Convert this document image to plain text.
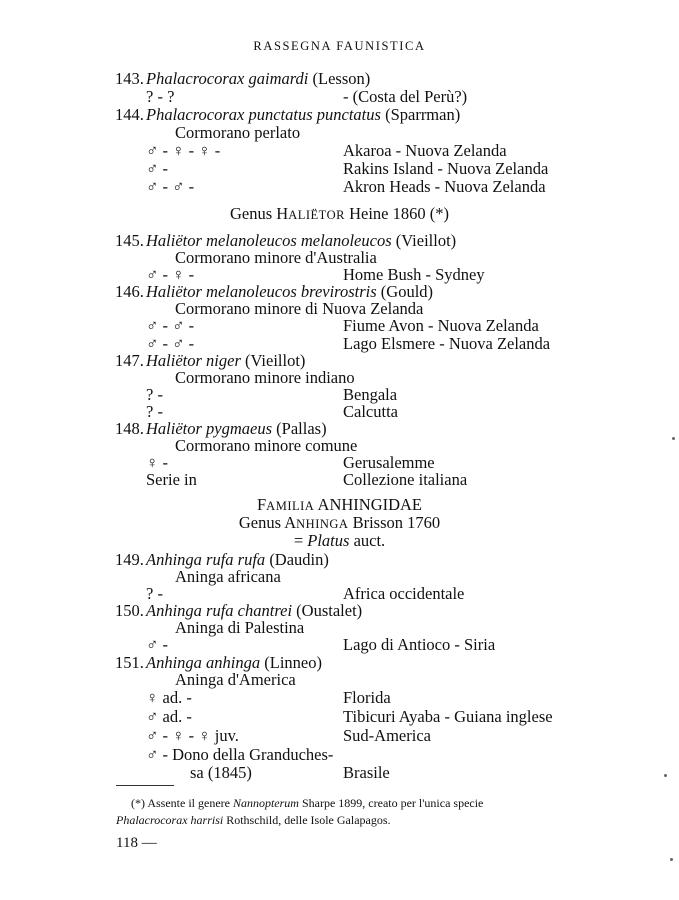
RASSEGNA FAUNISTICA
143. Phalacrocorax gaimardi (Lesson)
? - ?	- (Costa del Perù?)
144. Phalacrocorax punctatus punctatus (Sparrman)
Cormorano perlato
♂ - ♀ - ♀ -	Akaroa - Nuova Zelanda
♂ -	Rakins Island - Nuova Zelanda
♂ - ♂ -	Akron Heads - Nuova Zelanda
Genus HALIËTOR Heine 1860 (*)
145. Haliëtor melanoleucos melanoleucos (Vieillot)
Cormorano minore d'Australia
♂ - ♀ -	Home Bush - Sydney
146. Haliëtor melanoleucos brevirostris (Gould)
Cormorano minore di Nuova Zelanda
♂ - ♂ -	Fiume Avon - Nuova Zelanda
♂ - ♂ -	Lago Elsmere - Nuova Zelanda
147. Haliëtor niger (Vieillot)
Cormorano minore indiano
? -	Bengala
? -	Calcutta
148. Haliëtor pygmaeus (Pallas)
Cormorano minore comune
♀ -	Gerusalemme
Serie in	Collezione italiana
FAMILIA ANHINGIDAE
Genus ANHINGA Brisson 1760
= Platus auct.
149. Anhinga rufa rufa (Daudin)
Aninga africana
? -	Africa occidentale
150. Anhinga rufa chantrei (Oustalet)
Aninga di Palestina
♂ -	Lago di Antioco - Siria
151. Anhinga anhinga (Linneo)
Aninga d'America
♀ ad. -	Florida
♂ ad. -	Tibicuri Ayaba - Guiana inglese
♂ - ♀ - ♀ juv.	Sud-America
♂ - Dono della Granduches-
sa (1845)	Brasile
(*) Assente il genere Nannopterum Sharpe 1899, creato per l'unica specie
Phalacrocorax harrisi Rothschild, delle Isole Galapagos.
118 —
